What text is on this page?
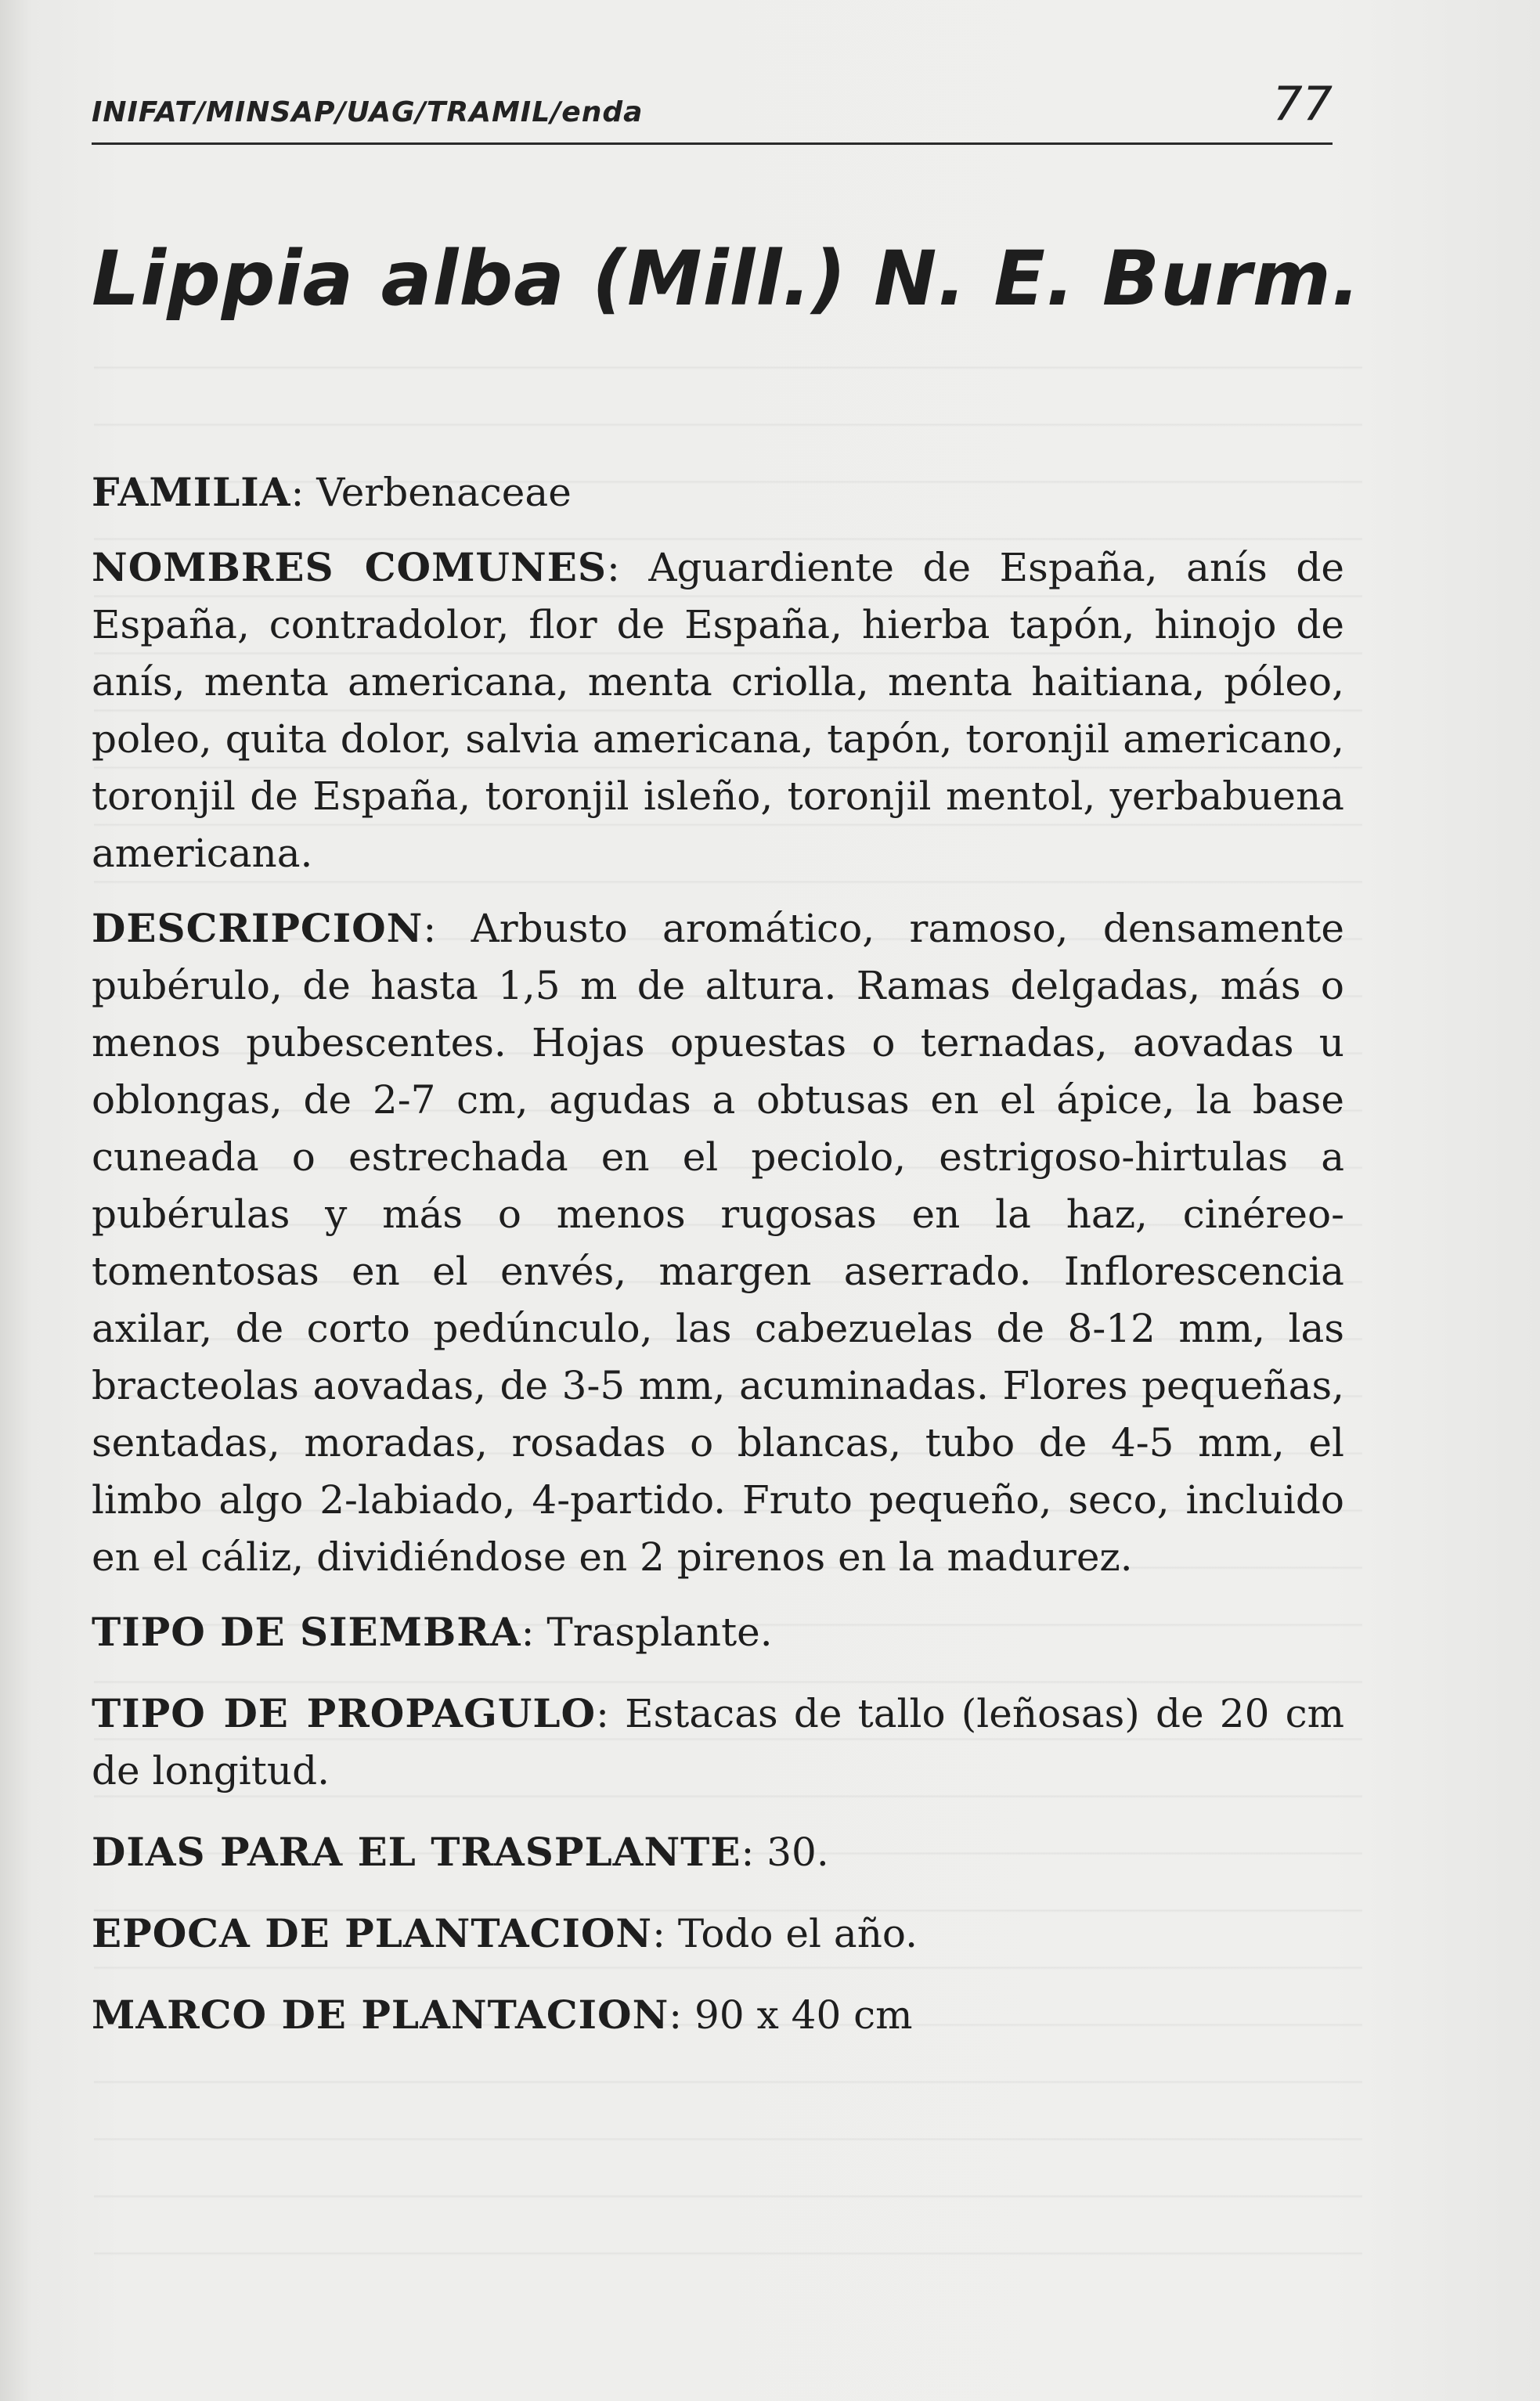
INIFAT/MINSAP/UAG/TRAMIL/enda	77
Lippia alba (Mill.) N. E. Burm.

FAMILIA: Verbenaceae

NOMBRES COMUNES: Aguardiente de España, anís de España, contradolor, flor de España, hierba tapón, hinojo de anís, menta americana, menta criolla, menta haitiana, póleo, poleo, quita dolor, salvia americana, tapón, toronjil americano, toronjil de España, toronjil isleño, toronjil mentol, yerbabuena americana.

DESCRIPCION: Arbusto aromático, ramoso, densamente pubérulo, de hasta 1,5 m de altura. Ramas delgadas, más o menos pubescentes. Hojas opuestas o ternadas, aovadas u oblongas, de 2-7 cm, agudas a obtusas en el ápice, la base cuneada o estrechada en el peciolo, estrigoso-hirtulas a pubérulas y más o menos rugosas en la haz, cinéreo-tomentosas en el envés, margen aserrado. Inflorescencia axilar, de corto pedúnculo, las cabezuelas de 8-12 mm, las bracteolas aovadas, de 3-5 mm, acuminadas. Flores pequeñas, sentadas, moradas, rosadas o blancas, tubo de 4-5 mm, el limbo algo 2-labiado, 4-partido. Fruto pequeño, seco, incluido en el cáliz, dividiéndose en 2 pirenos en la madurez.

TIPO DE SIEMBRA: Trasplante.

TIPO DE PROPAGULO: Estacas de tallo (leñosas) de 20 cm de longitud.

DIAS PARA EL TRASPLANTE: 30.

EPOCA DE PLANTACION: Todo el año.

MARCO DE PLANTACION: 90 x 40 cm
